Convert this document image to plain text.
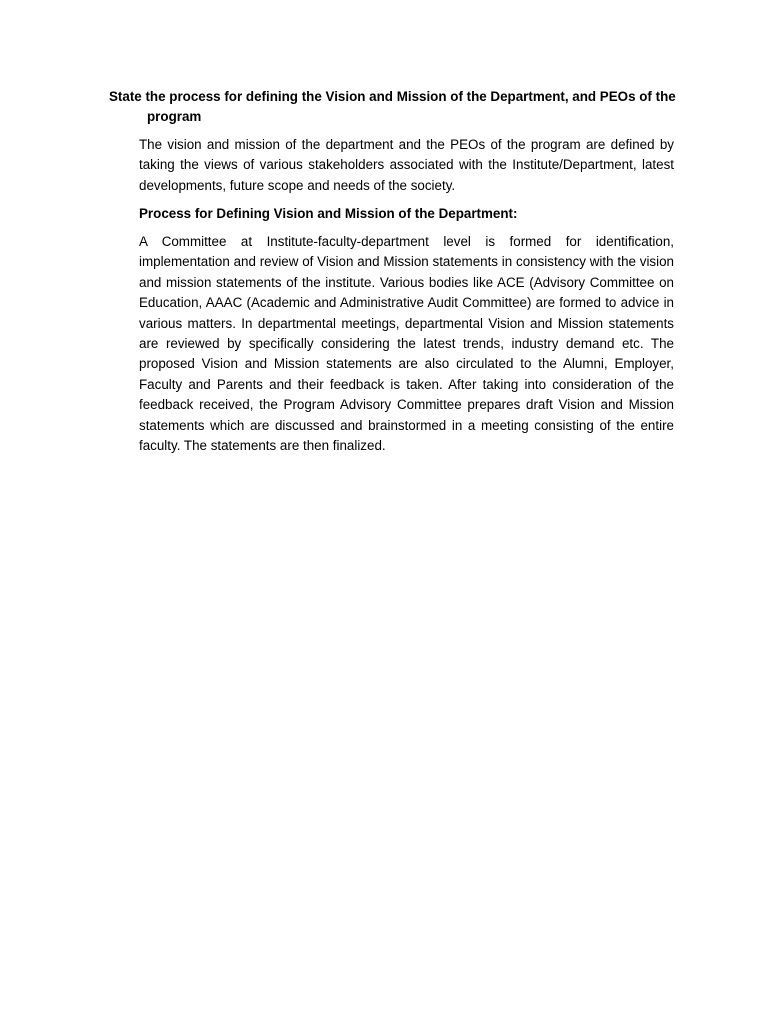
State the process for defining the Vision and Mission of the Department, and PEOs of the
program

The vision and mission of the department and the PEOs of the program are defined by taking the views of various stakeholders associated with the Institute/Department, latest developments, future scope and needs of the society.

Process for Defining Vision and Mission of the Department:

A Committee at Institute-faculty-department level is formed for identification, implementation and review of Vision and Mission statements in consistency with the vision and mission statements of the institute. Various bodies like ACE (Advisory Committee on Education, AAAC (Academic and Administrative Audit Committee) are formed to advice in various matters. In departmental meetings, departmental Vision and Mission statements are reviewed by specifically considering the latest trends, industry demand etc. The proposed Vision and Mission statements are also circulated to the Alumni, Employer, Faculty and Parents and their feedback is taken. After taking into consideration of the feedback received, the Program Advisory Committee prepares draft Vision and Mission statements which are discussed and brainstormed in a meeting consisting of the entire faculty. The statements are then finalized.
